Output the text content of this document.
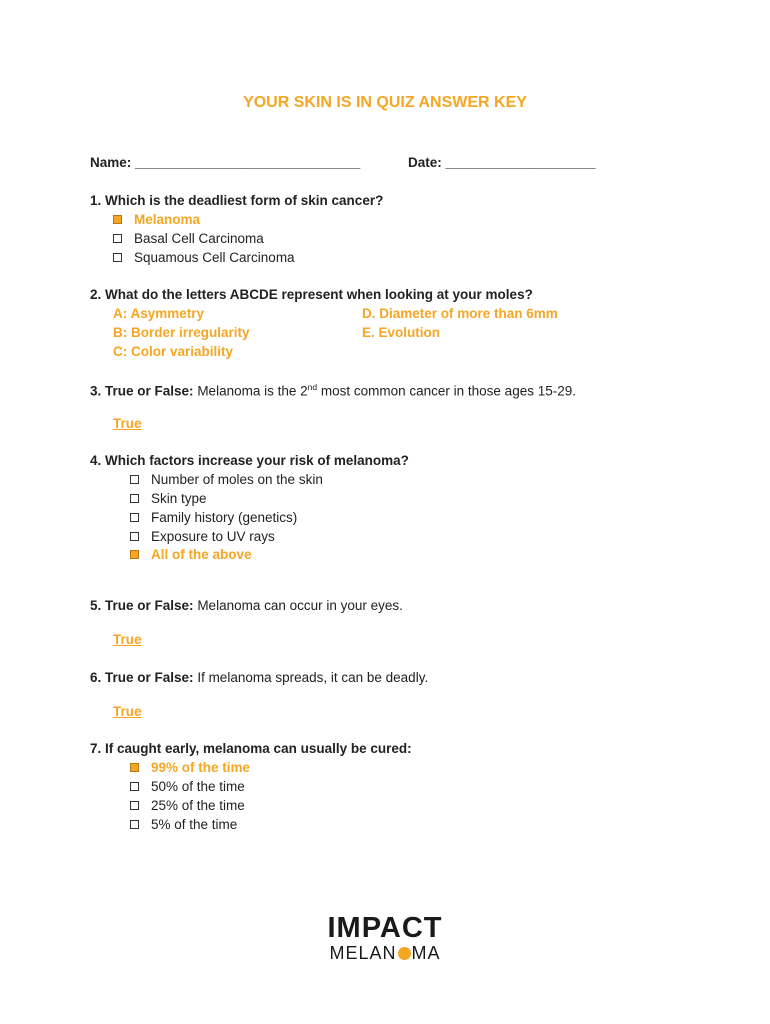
YOUR SKIN IS IN QUIZ ANSWER KEY
Name: ______________________________	Date: ____________________
1. Which is the deadliest form of skin cancer?
Melanoma
Basal Cell Carcinoma
Squamous Cell Carcinoma
2. What do the letters ABCDE represent when looking at your moles?
A: Asymmetry
B: Border irregularity
C: Color variability
D. Diameter of more than 6mm
E. Evolution
3. True or False: Melanoma is the 2nd most common cancer in those ages 15-29.
True
4. Which factors increase your risk of melanoma?
Number of moles on the skin
Skin type
Family history (genetics)
Exposure to UV rays
All of the above
5. True or False: Melanoma can occur in your eyes.
True
6. True or False: If melanoma spreads, it can be deadly.
True
7. If caught early, melanoma can usually be cured:
99% of the time
50% of the time
25% of the time
5% of the time
IMPACT
MELAN MA
